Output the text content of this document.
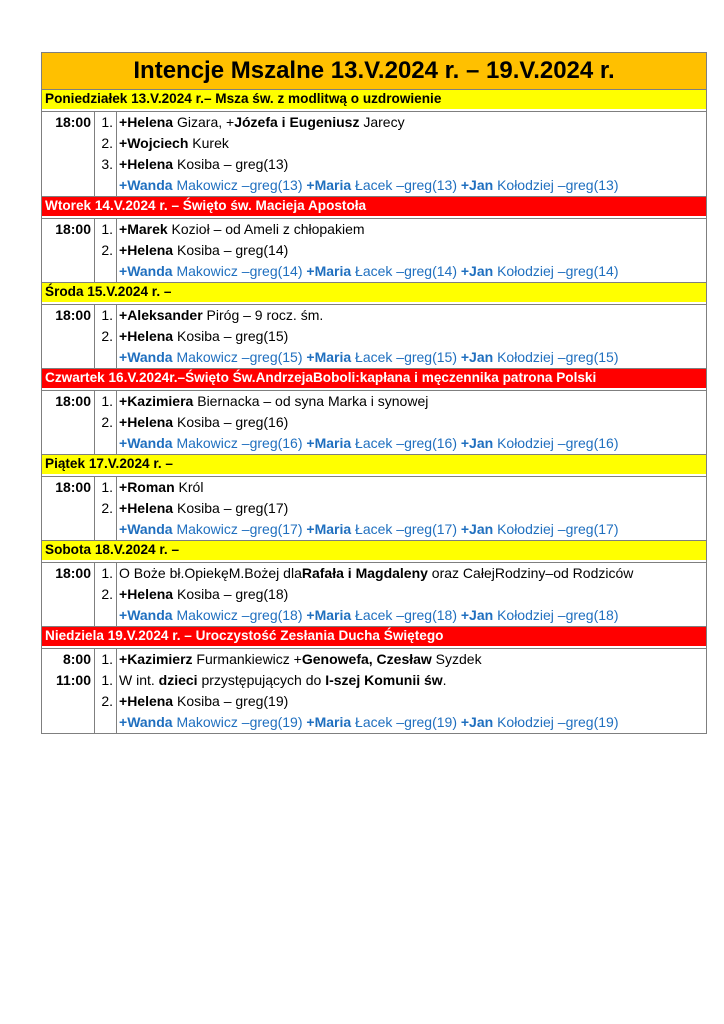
Intencje Mszalne 13.V.2024 r. – 19.V.2024 r.
Poniedziałek 13.V.2024 r.– Msza św. z modlitwą o uzdrowienie
18:00 1. +Helena Gizara, +Józefa i Eugeniusz Jarecy
2. +Wojciech Kurek
3. +Helena Kosiba – greg(13)
+Wanda Makowicz –greg(13) +Maria Łacek –greg(13) +Jan Kołodziej –greg(13)
Wtorek 14.V.2024 r. – Święto św. Macieja Apostoła
18:00 1. +Marek Kozioł – od Ameli z chłopakiem
2. +Helena Kosiba – greg(14)
+Wanda Makowicz –greg(14) +Maria Łacek –greg(14) +Jan Kołodziej –greg(14)
Środa 15.V.2024 r. –
18:00 1. +Aleksander Piróg – 9 rocz. śm.
2. +Helena Kosiba – greg(15)
+Wanda Makowicz –greg(15) +Maria Łacek –greg(15) +Jan Kołodziej –greg(15)
Czwartek 16.V.2024r.–Święto Św.AndrzejaBoboli:kapłana i męczennika patrona Polski
18:00 1. +Kazimiera Biernacka – od syna Marka i synowej
2. +Helena Kosiba – greg(16)
+Wanda Makowicz –greg(16) +Maria Łacek –greg(16) +Jan Kołodziej –greg(16)
Piątek 17.V.2024 r. –
18:00 1. +Roman Król
2. +Helena Kosiba – greg(17)
+Wanda Makowicz –greg(17) +Maria Łacek –greg(17) +Jan Kołodziej –greg(17)
Sobota 18.V.2024 r. –
18:00 1. O Boże bł.OpiekęM.Bożej dlaRafała i Magdaleny oraz CałejRodziny–od Rodziców
2. +Helena Kosiba – greg(18)
+Wanda Makowicz –greg(18) +Maria Łacek –greg(18) +Jan Kołodziej –greg(18)
Niedziela 19.V.2024 r. – Uroczystość Zesłania Ducha Świętego
8:00 1. +Kazimierz Furmankiewicz +Genowefa, Czesław Syzdek
11:00 1. W int. dzieci przystępujących do I-szej Komunii św.
2. +Helena Kosiba – greg(19)
+Wanda Makowicz –greg(19) +Maria Łacek –greg(19) +Jan Kołodziej –greg(19)
